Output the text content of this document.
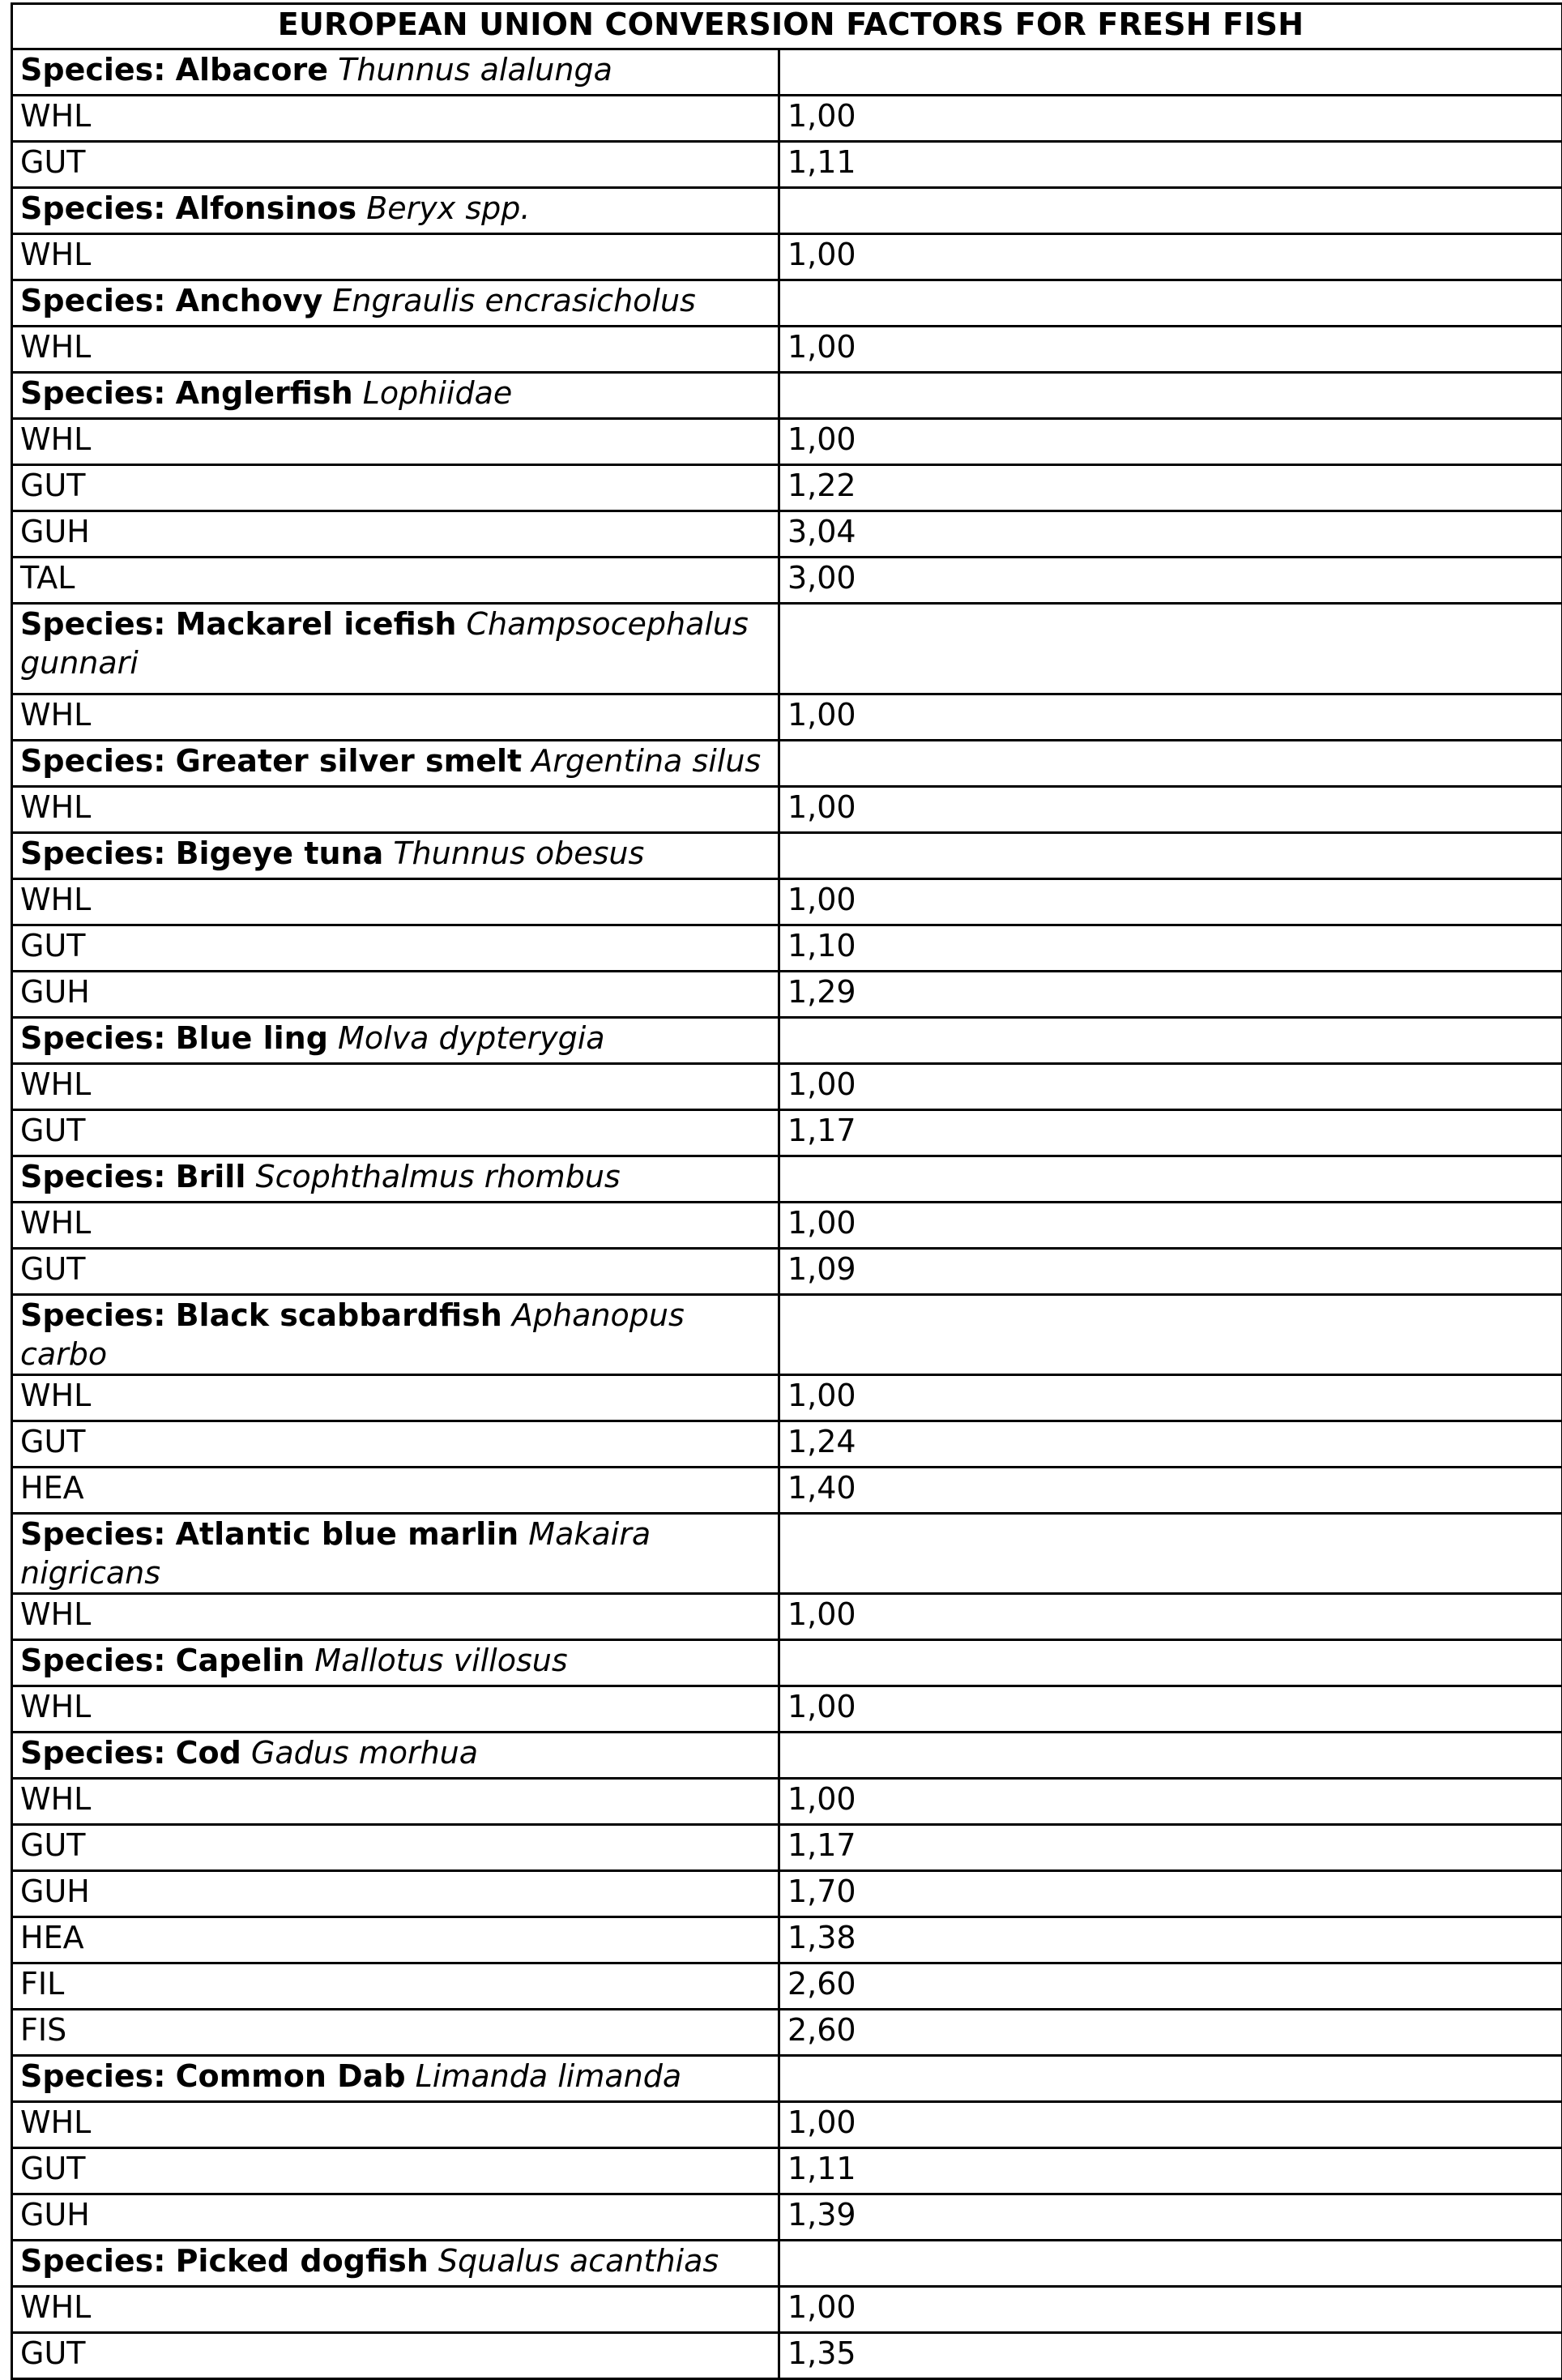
EUROPEAN UNION CONVERSION FACTORS FOR FRESH FISH	
Species: Albacore Thunnus alalunga	
WHL	1,00
GUT	1,11
Species: Alfonsinos Beryx spp.	
WHL	1,00
Species: Anchovy Engraulis encrasicholus	
WHL	1,00
Species: Anglerfish Lophiidae	
WHL	1,00
GUT	1,22
GUH	3,04
TAL	3,00
Species: Mackarel icefish Champsocephalus gunnari	
WHL	1,00
Species: Greater silver smelt Argentina silus	
WHL	1,00
Species: Bigeye tuna Thunnus obesus	
WHL	1,00
GUT	1,10
GUH	1,29
Species: Blue ling Molva dypterygia	
WHL	1,00
GUT	1,17
Species: Brill Scophthalmus rhombus	
WHL	1,00
GUT	1,09
Species: Black scabbardfish Aphanopus carbo	
WHL	1,00
GUT	1,24
HEA	1,40
Species: Atlantic blue marlin Makaira nigricans	
WHL	1,00
Species: Capelin Mallotus villosus	
WHL	1,00
Species: Cod Gadus morhua	
WHL	1,00
GUT	1,17
GUH	1,70
HEA	1,38
FIL	2,60
FIS	2,60
Species: Common Dab Limanda limanda	
WHL	1,00
GUT	1,11
GUH	1,39
Species: Picked dogfish Squalus acanthias	
WHL	1,00
GUT	1,35
